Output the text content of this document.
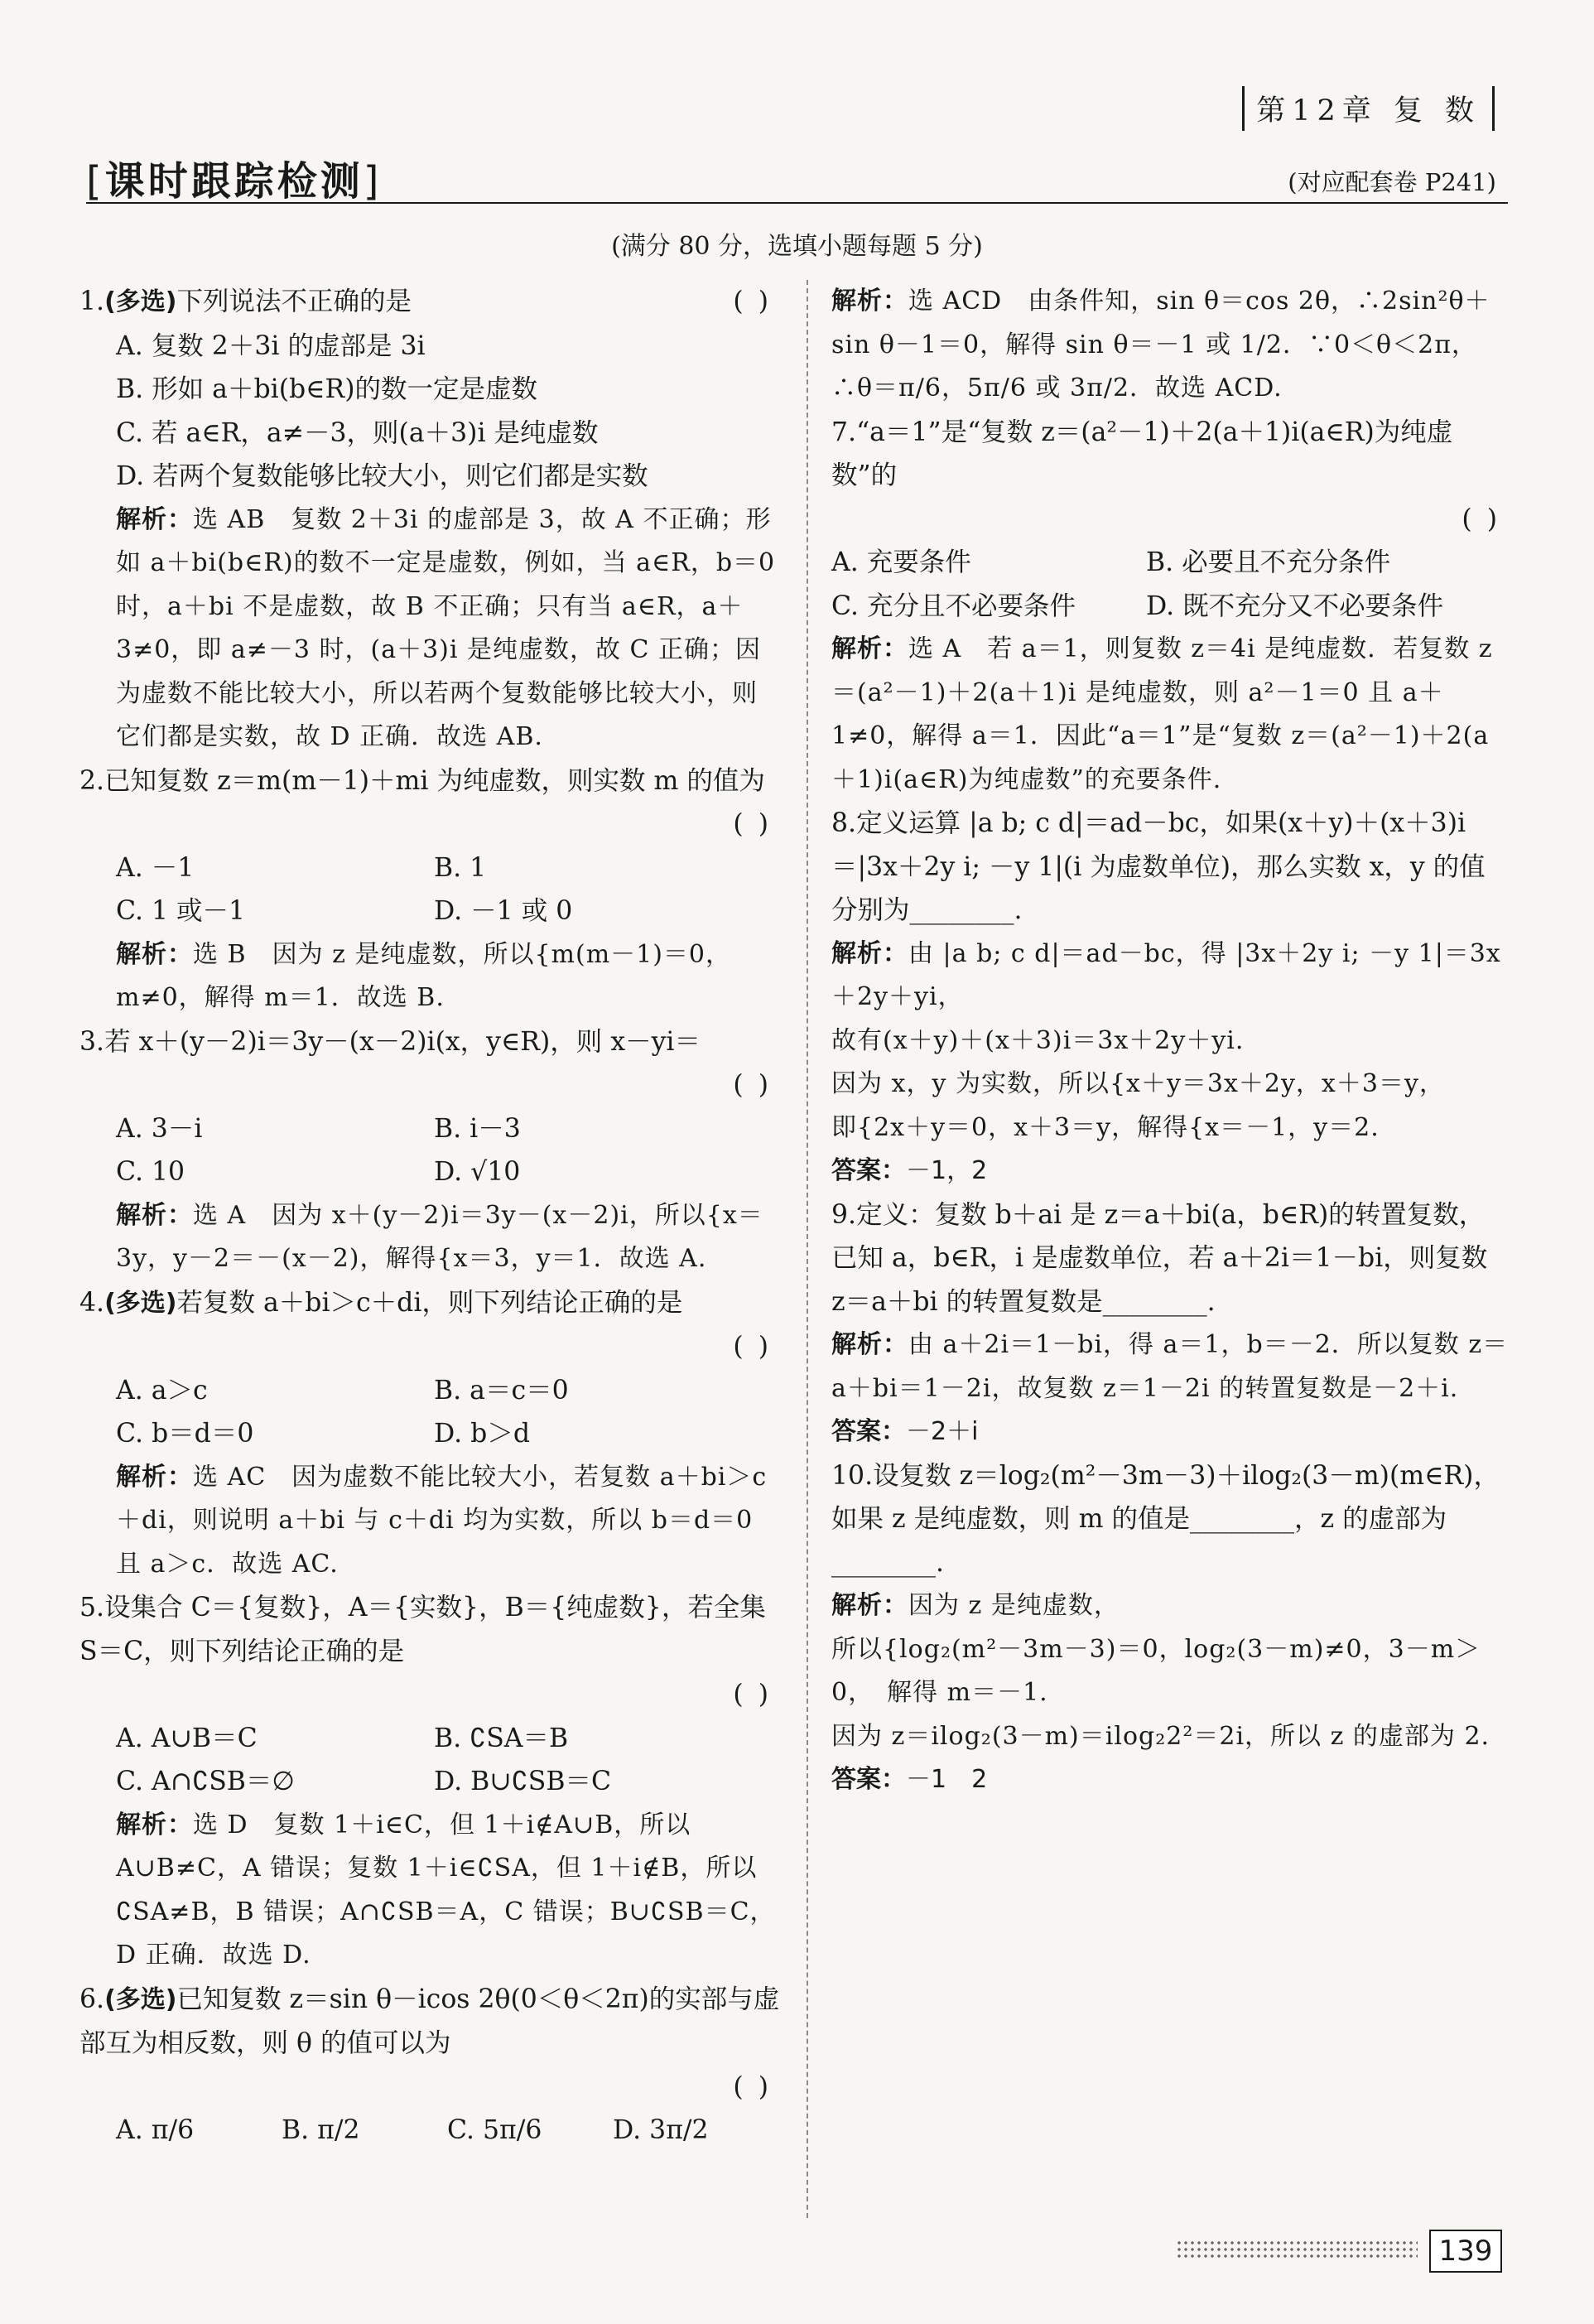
第12章 复 数
[课时跟踪检测]	(对应配套卷 P241)
(满分 80 分，选填小题每题 5 分)
1.(多选)下列说法不正确的是	( )
A. 复数 2＋3i 的虚部是 3i
B. 形如 a＋bi(b∈R)的数一定是虚数
C. 若 a∈R，a≠－3，则(a＋3)i 是纯虚数
D. 若两个复数能够比较大小，则它们都是实数
解析：选 AB　复数 2＋3i 的虚部是 3，故 A 不正确；形如 a＋bi(b∈R)的数不一定是虚数，例如，当 a∈R，b＝0 时，a＋bi 不是虚数，故 B 不正确；只有当 a∈R，a＋3≠0，即 a≠－3 时，(a＋3)i 是纯虚数，故 C 正确；因为虚数不能比较大小，所以若两个复数能够比较大小，则它们都是实数，故 D 正确．故选 AB.
2.已知复数 z＝m(m－1)＋mi 为纯虚数，则实数 m 的值为
( )
A. －1	B. 1
C. 1 或－1	D. －1 或 0
解析：选 B　因为 z 是纯虚数，所以{m(m－1)＝0，m≠0，解得 m＝1．故选 B.
3.若 x＋(y－2)i＝3y－(x－2)i(x，y∈R)，则 x－yi＝
( )
A. 3－i	B. i－3
C. 10	D. √10
解析：选 A　因为 x＋(y－2)i＝3y－(x－2)i，所以{x＝3y，y－2＝－(x－2)，解得{x＝3，y＝1．故选 A.
4.(多选)若复数 a＋bi＞c＋di，则下列结论正确的是
( )
A. a＞c	B. a＝c＝0
C. b＝d＝0	D. b＞d
解析：选 AC　因为虚数不能比较大小，若复数 a＋bi＞c＋di，则说明 a＋bi 与 c＋di 均为实数，所以 b＝d＝0 且 a＞c．故选 AC.
5.设集合 C＝{复数}，A＝{实数}，B＝{纯虚数}，若全集 S＝C，则下列结论正确的是
( )
A. A∪B＝C	B. ∁SA＝B
C. A∩∁SB＝∅	D. B∪∁SB＝C
解析：选 D　复数 1＋i∈C，但 1＋i∉A∪B，所以 A∪B≠C，A 错误；复数 1＋i∈∁SA，但 1＋i∉B，所以∁SA≠B，B 错误；A∩∁SB＝A，C 错误；B∪∁SB＝C，D 正确．故选 D.
6.(多选)已知复数 z＝sin θ－icos 2θ(0＜θ＜2π)的实部与虚部互为相反数，则 θ 的值可以为
( )
A. π/6	B. π/2	C. 5π/6	D. 3π/2
解析：选 ACD　由条件知，sin θ＝cos 2θ，∴2sin²θ＋sin θ－1＝0，解得 sin θ＝－1 或 1/2．∵0＜θ＜2π，∴θ＝π/6，5π/6 或 3π/2．故选 ACD.
7.“a＝1”是“复数 z＝(a²－1)＋2(a＋1)i(a∈R)为纯虚数”的
( )
A. 充要条件	B. 必要且不充分条件
C. 充分且不必要条件	D. 既不充分又不必要条件
解析：选 A　若 a＝1，则复数 z＝4i 是纯虚数．若复数 z＝(a²－1)＋2(a＋1)i 是纯虚数，则 a²－1＝0 且 a＋1≠0，解得 a＝1．因此“a＝1”是“复数 z＝(a²－1)＋2(a＋1)i(a∈R)为纯虚数”的充要条件.
8.定义运算 |a b; c d|＝ad－bc，如果(x＋y)＋(x＋3)i＝|3x＋2y i; －y 1|(i 为虚数单位)，那么实数 x，y 的值分别为________.
解析：由 |a b; c d|＝ad－bc，得 |3x＋2y i; －y 1|＝3x＋2y＋yi，
故有(x＋y)＋(x＋3)i＝3x＋2y＋yi.
因为 x，y 为实数，所以{x＋y＝3x＋2y，x＋3＝y，
即{2x＋y＝0，x＋3＝y，解得{x＝－1，y＝2.
答案：－1，2
9.定义：复数 b＋ai 是 z＝a＋bi(a，b∈R)的转置复数，已知 a，b∈R，i 是虚数单位，若 a＋2i＝1－bi，则复数 z＝a＋bi 的转置复数是________.
解析：由 a＋2i＝1－bi，得 a＝1，b＝－2．所以复数 z＝a＋bi＝1－2i，故复数 z＝1－2i 的转置复数是－2＋i.
答案：－2＋i
10.设复数 z＝log₂(m²－3m－3)＋ilog₂(3－m)(m∈R)，如果 z 是纯虚数，则 m 的值是________，z 的虚部为________.
解析：因为 z 是纯虚数，
所以{log₂(m²－3m－3)＝0，log₂(3－m)≠0，3－m＞0，　解得 m＝－1.
因为 z＝ilog₂(3－m)＝ilog₂2²＝2i，所以 z 的虚部为 2.
答案：－1　2
139
